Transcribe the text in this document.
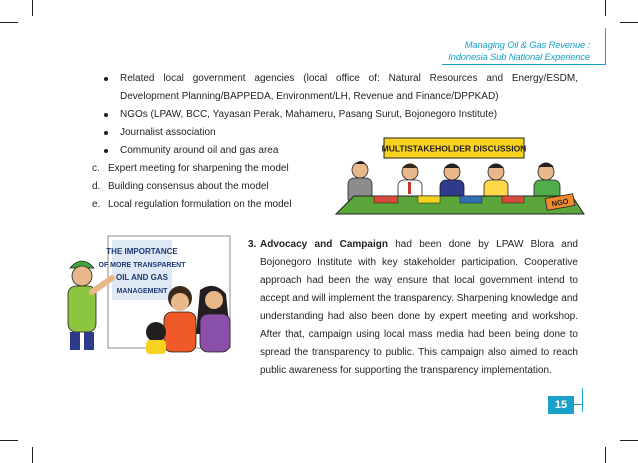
Managing Oil & Gas Revenue :
Indonesia Sub National Experience
Related local government agencies (local office of: Natural Resources and Energy/ESDM, Development Planning/BAPPEDA, Environment/LH, Revenue and Finance/DPPKAD)
NGOs (LPAW, BCC, Yayasan Perak, Mahameru, Pasang Surut, Bojonegoro Institute)
Journalist association
Community around oil and gas area
c. Expert meeting for sharpening the model
d. Building consensus about the model
e. Local regulation formulation on the model
MULTISTAKEHOLDER DISCUSSION
NGO
THE IMPORTANCE
OF MORE TRANSPARENT
OIL AND GAS
MANAGEMENT
3. Advocacy and Campaign had been done by LPAW Blora and Bojonegoro Institute with key stakeholder participation. Cooperative approach had been the way ensure that local government intend to accept and will implement the transparency. Sharpening knowledge and understanding had also been done by expert meeting and workshop. After that, campaign using local mass media had been being done to spread the transparency to public. This campaign also aimed to reach public awareness for supporting the transparency implementation.

15
